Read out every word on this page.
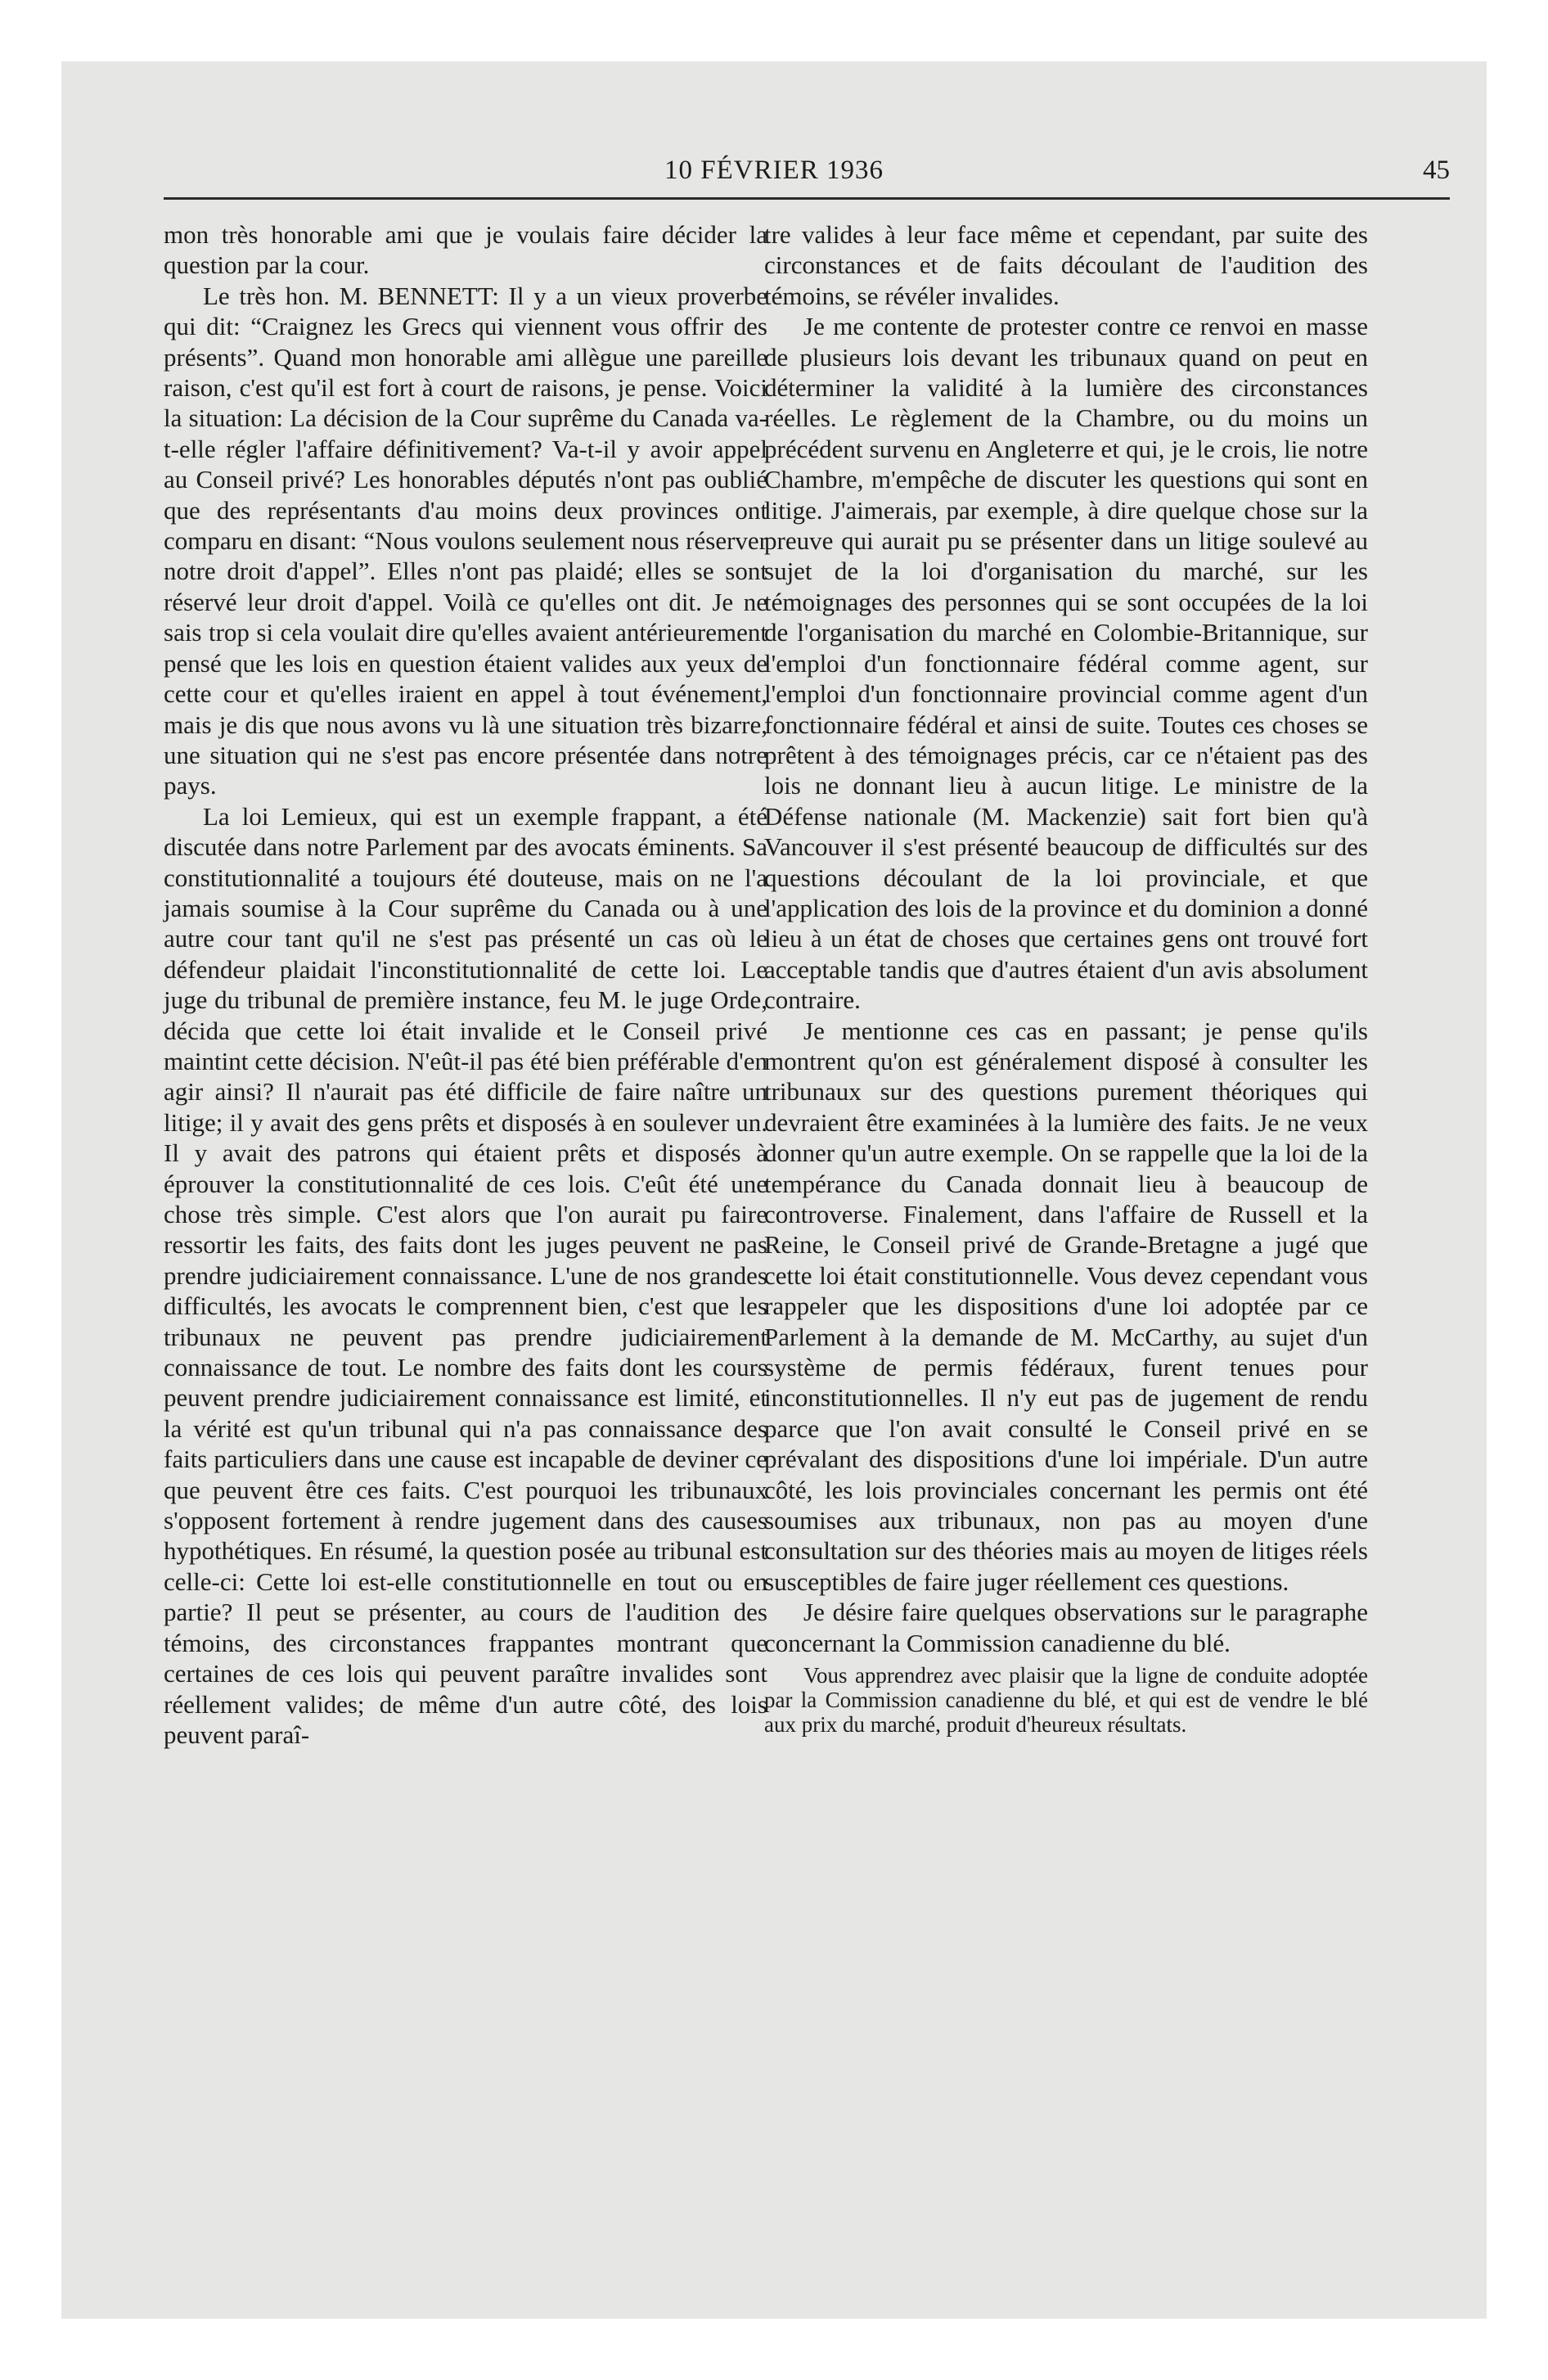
10 FÉVRIER 1936	45

mon très honorable ami que je voulais faire décider la question par la cour.

Le très hon. M. BENNETT: Il y a un vieux proverbe qui dit: “Craignez les Grecs qui viennent vous offrir des présents”. Quand mon honorable ami allègue une pareille raison, c'est qu'il est fort à court de raisons, je pense. Voici la situation: La décision de la Cour suprême du Canada va-t-elle régler l'affaire définitivement? Va-t-il y avoir appel au Conseil privé? Les honorables députés n'ont pas oublié que des représentants d'au moins deux provinces ont comparu en disant: “Nous voulons seulement nous réserver notre droit d'appel”. Elles n'ont pas plaidé; elles se sont réservé leur droit d'appel. Voilà ce qu'elles ont dit. Je ne sais trop si cela voulait dire qu'elles avaient antérieurement pensé que les lois en question étaient valides aux yeux de cette cour et qu'elles iraient en appel à tout événement, mais je dis que nous avons vu là une situation très bizarre, une situation qui ne s'est pas encore présentée dans notre pays.

La loi Lemieux, qui est un exemple frappant, a été discutée dans notre Parlement par des avocats éminents. Sa constitutionnalité a toujours été douteuse, mais on ne l'a jamais soumise à la Cour suprême du Canada ou à une autre cour tant qu'il ne s'est pas présenté un cas où le défendeur plaidait l'inconstitutionnalité de cette loi. Le juge du tribunal de première instance, feu M. le juge Orde, décida que cette loi était invalide et le Conseil privé maintint cette décision. N'eût-il pas été bien préférable d'en agir ainsi? Il n'aurait pas été difficile de faire naître un litige; il y avait des gens prêts et disposés à en soulever un. Il y avait des patrons qui étaient prêts et disposés à éprouver la constitutionnalité de ces lois. C'eût été une chose très simple. C'est alors que l'on aurait pu faire ressortir les faits, des faits dont les juges peuvent ne pas prendre judiciairement connaissance. L'une de nos grandes difficultés, les avocats le comprennent bien, c'est que les tribunaux ne peuvent pas prendre judiciairement connaissance de tout. Le nombre des faits dont les cours peuvent prendre judiciairement connaissance est limité, et la vérité est qu'un tribunal qui n'a pas connaissance des faits particuliers dans une cause est incapable de deviner ce que peuvent être ces faits. C'est pourquoi les tribunaux s'opposent fortement à rendre jugement dans des causes hypothétiques. En résumé, la question posée au tribunal est celle-ci: Cette loi est-elle constitutionnelle en tout ou en partie? Il peut se présenter, au cours de l'audition des témoins, des circonstances frappantes montrant que certaines de ces lois qui peuvent paraître invalides sont réellement valides; de même d'un autre côté, des lois peuvent paraî-

tre valides à leur face même et cependant, par suite des circonstances et de faits découlant de l'audition des témoins, se révéler invalides.

Je me contente de protester contre ce renvoi en masse de plusieurs lois devant les tribunaux quand on peut en déterminer la validité à la lumière des circonstances réelles. Le règlement de la Chambre, ou du moins un précédent survenu en Angleterre et qui, je le crois, lie notre Chambre, m'empêche de discuter les questions qui sont en litige. J'aimerais, par exemple, à dire quelque chose sur la preuve qui aurait pu se présenter dans un litige soulevé au sujet de la loi d'organisation du marché, sur les témoignages des personnes qui se sont occupées de la loi de l'organisation du marché en Colombie-Britannique, sur l'emploi d'un fonctionnaire fédéral comme agent, sur l'emploi d'un fonctionnaire provincial comme agent d'un fonctionnaire fédéral et ainsi de suite. Toutes ces choses se prêtent à des témoignages précis, car ce n'étaient pas des lois ne donnant lieu à aucun litige. Le ministre de la Défense nationale (M. Mackenzie) sait fort bien qu'à Vancouver il s'est présenté beaucoup de difficultés sur des questions découlant de la loi provinciale, et que l'application des lois de la province et du dominion a donné lieu à un état de choses que certaines gens ont trouvé fort acceptable tandis que d'autres étaient d'un avis absolument contraire.

Je mentionne ces cas en passant; je pense qu'ils montrent qu'on est généralement disposé à consulter les tribunaux sur des questions purement théoriques qui devraient être examinées à la lumière des faits. Je ne veux donner qu'un autre exemple. On se rappelle que la loi de la tempérance du Canada donnait lieu à beaucoup de controverse. Finalement, dans l'affaire de Russell et la Reine, le Conseil privé de Grande-Bretagne a jugé que cette loi était constitutionnelle. Vous devez cependant vous rappeler que les dispositions d'une loi adoptée par ce Parlement à la demande de M. McCarthy, au sujet d'un système de permis fédéraux, furent tenues pour inconstitutionnelles. Il n'y eut pas de jugement de rendu parce que l'on avait consulté le Conseil privé en se prévalant des dispositions d'une loi impériale. D'un autre côté, les lois provinciales concernant les permis ont été soumises aux tribunaux, non pas au moyen d'une consultation sur des théories mais au moyen de litiges réels susceptibles de faire juger réellement ces questions.

Je désire faire quelques observations sur le paragraphe concernant la Commission canadienne du blé.

Vous apprendrez avec plaisir que la ligne de conduite adoptée par la Commission canadienne du blé, et qui est de vendre le blé aux prix du marché, produit d'heureux résultats.
